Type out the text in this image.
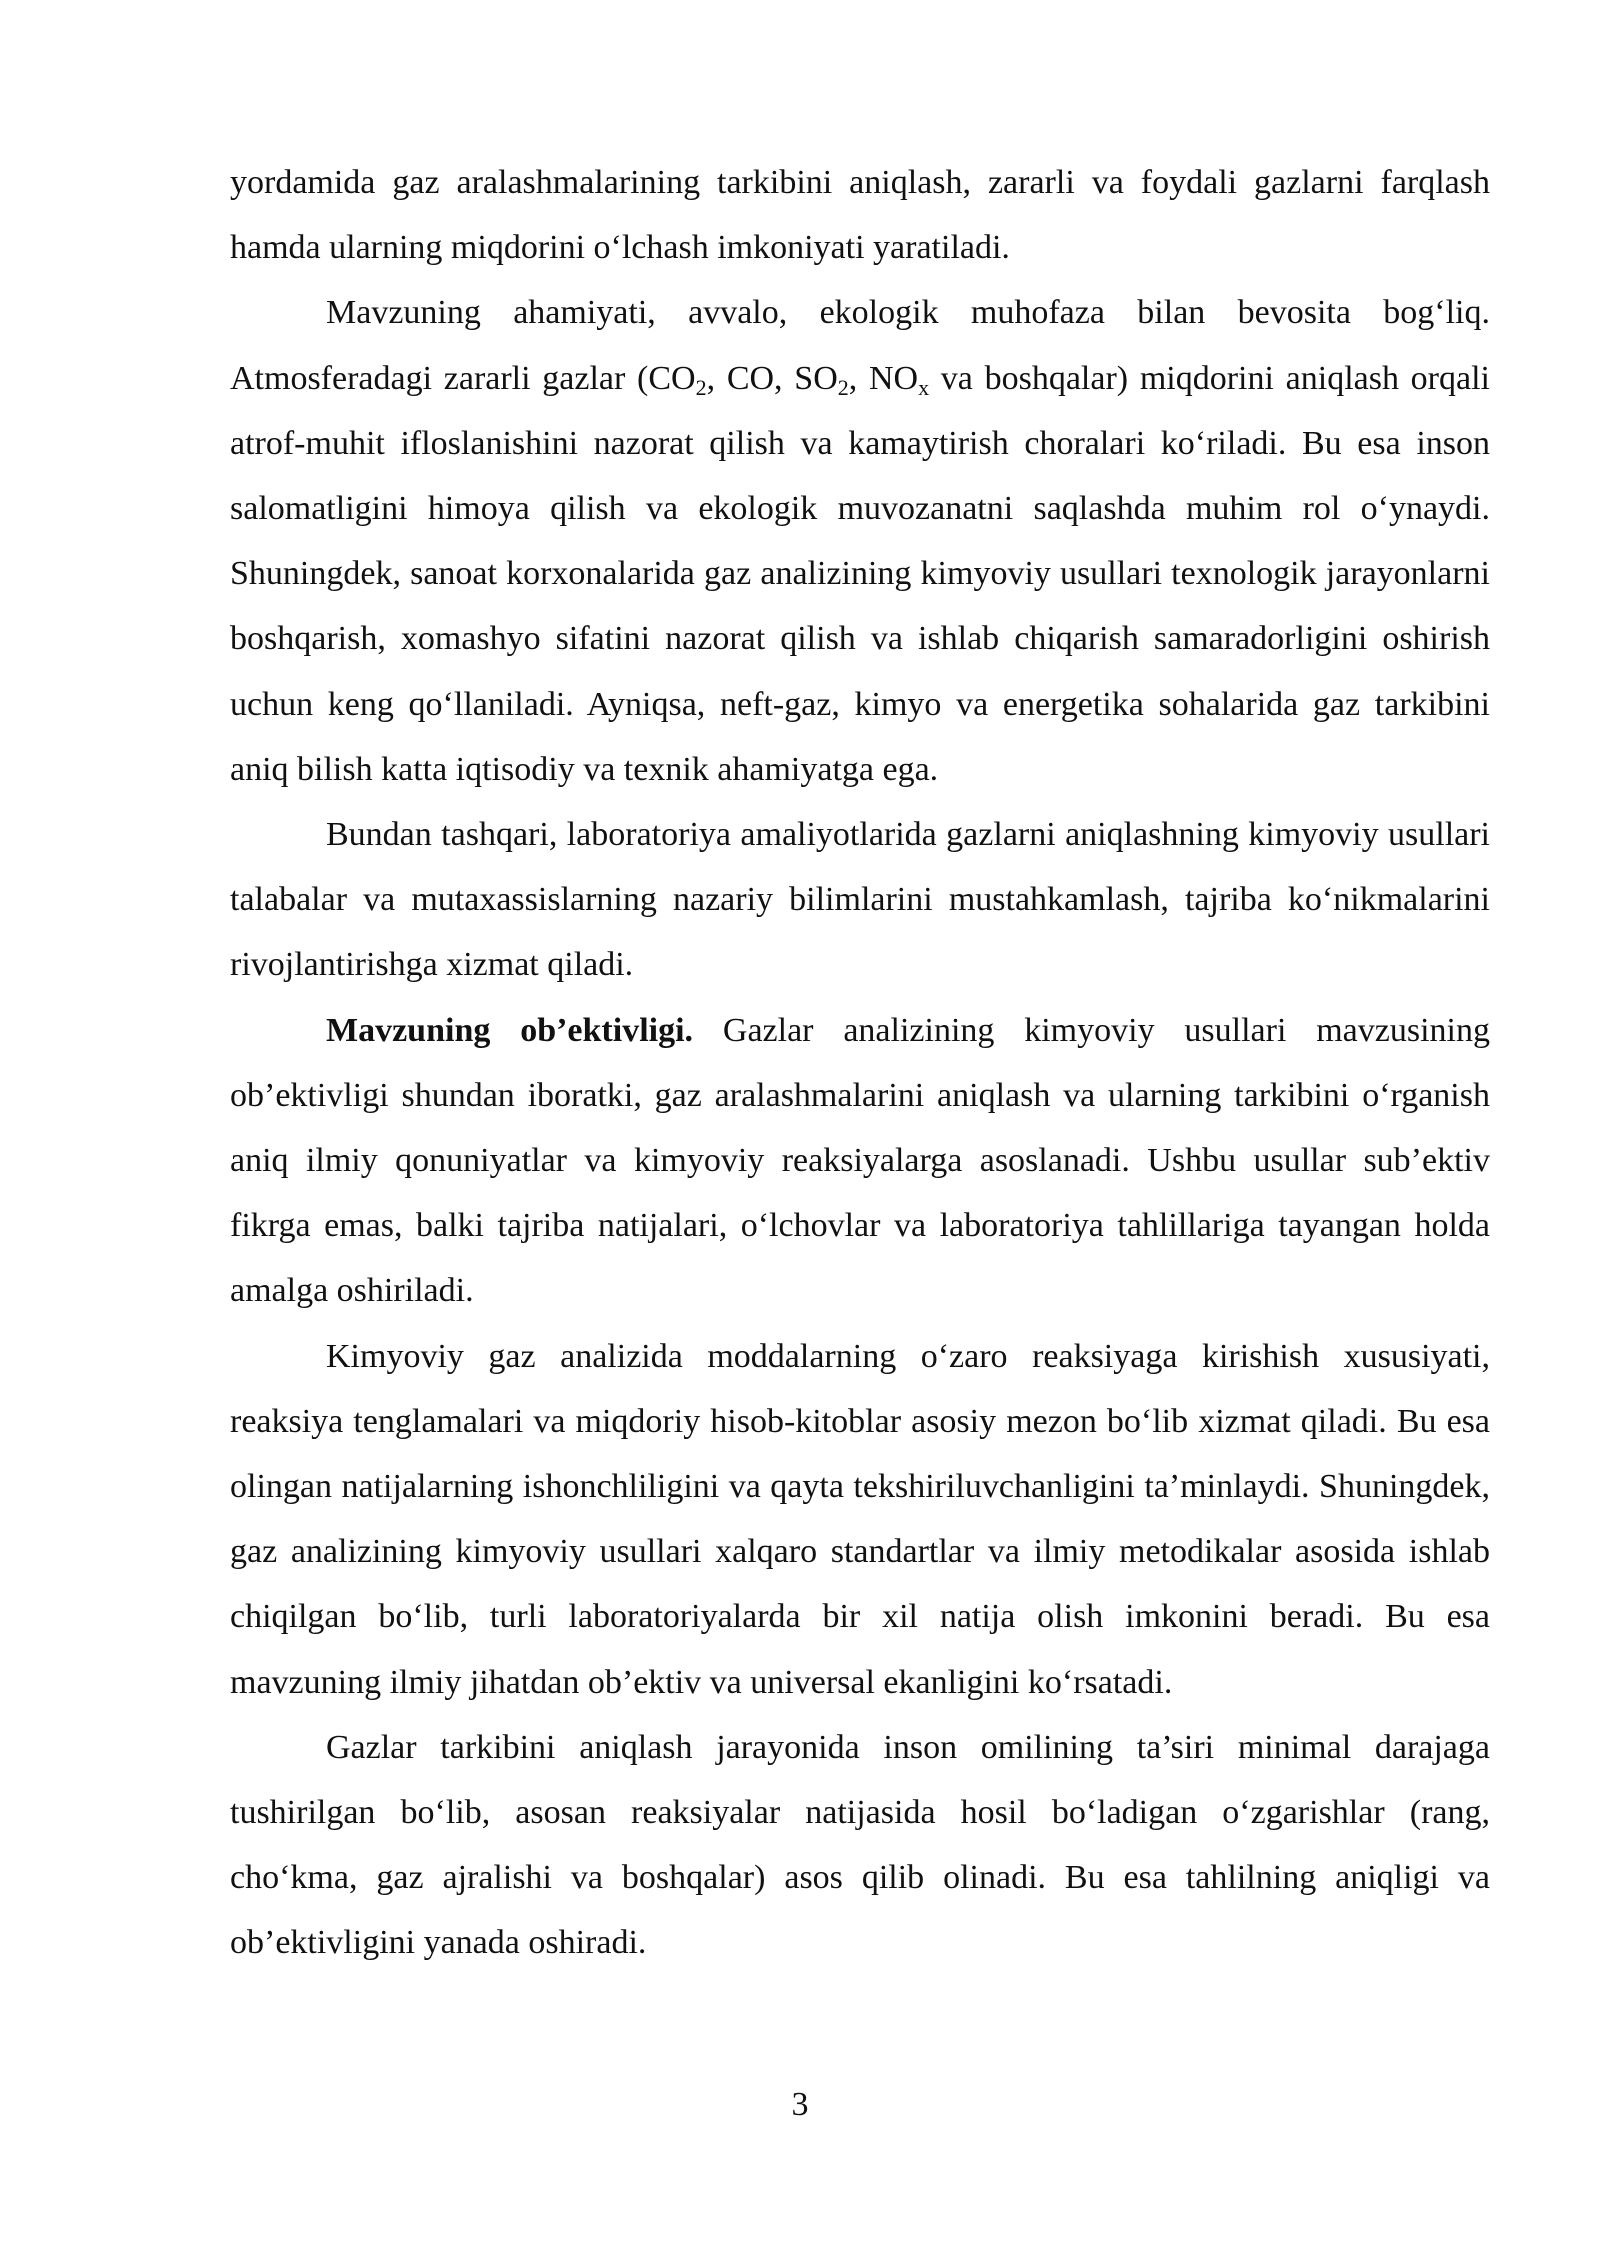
yordamida gaz aralashmalarining tarkibini aniqlash, zararli va foydali gazlarni farqlash hamda ularning miqdorini o‘lchash imkoniyati yaratiladi.

Mavzuning ahamiyati, avvalo, ekologik muhofaza bilan bevosita bog‘liq. Atmosferadagi zararli gazlar ($CO_2$, CO, $SO_2$, $NO_x$ va boshqalar) miqdorini aniqlash orqali atrof-muhit ifloslanishini nazorat qilish va kamaytirish choralari ko‘riladi. Bu esa inson salomatligini himoya qilish va ekologik muvozanatni saqlashda muhim rol o‘ynaydi. Shuningdek, sanoat korxonalarida gaz analizining kimyoviy usullari texnologik jarayonlarni boshqarish, xomashyo sifatini nazorat qilish va ishlab chiqarish samaradorligini oshirish uchun keng qo‘llaniladi. Ayniqsa, neft-gaz, kimyo va energetika sohalarida gaz tarkibini aniq bilish katta iqtisodiy va texnik ahamiyatga ega.

Bundan tashqari, laboratoriya amaliyotlarida gazlarni aniqlashning kimyoviy usullari talabalar va mutaxassislarning nazariy bilimlarini mustahkamlash, tajriba ko‘nikmalarini rivojlantirishga xizmat qiladi.

Mavzuning ob’ektivligi. Gazlar analizining kimyoviy usullari mavzusining ob’ektivligi shundan iboratki, gaz aralashmalarini aniqlash va ularning tarkibini o‘rganish aniq ilmiy qonuniyatlar va kimyoviy reaksiyalarga asoslanadi. Ushbu usullar sub’ektiv fikrga emas, balki tajriba natijalari, o‘lchovlar va laboratoriya tahlillariga tayangan holda amalga oshiriladi.

Kimyoviy gaz analizida moddalarning o‘zaro reaksiyaga kirishish xususiyati, reaksiya tenglamalari va miqdoriy hisob-kitoblar asosiy mezon bo‘lib xizmat qiladi. Bu esa olingan natijalarning ishonchliligini va qayta tekshiriluvchanligini ta’minlaydi. Shuningdek, gaz analizining kimyoviy usullari xalqaro standartlar va ilmiy metodikalar asosida ishlab chiqilgan bo‘lib, turli laboratoriyalarda bir xil natija olish imkonini beradi. Bu esa mavzuning ilmiy jihatdan ob’ektiv va universal ekanligini ko‘rsatadi.

Gazlar tarkibini aniqlash jarayonida inson omilining ta’siri minimal darajaga tushirilgan bo‘lib, asosan reaksiyalar natijasida hosil bo‘ladigan o‘zgarishlar (rang, cho‘kma, gaz ajralishi va boshqalar) asos qilib olinadi. Bu esa tahlilning aniqligi va ob’ektivligini yanada oshiradi.

3
